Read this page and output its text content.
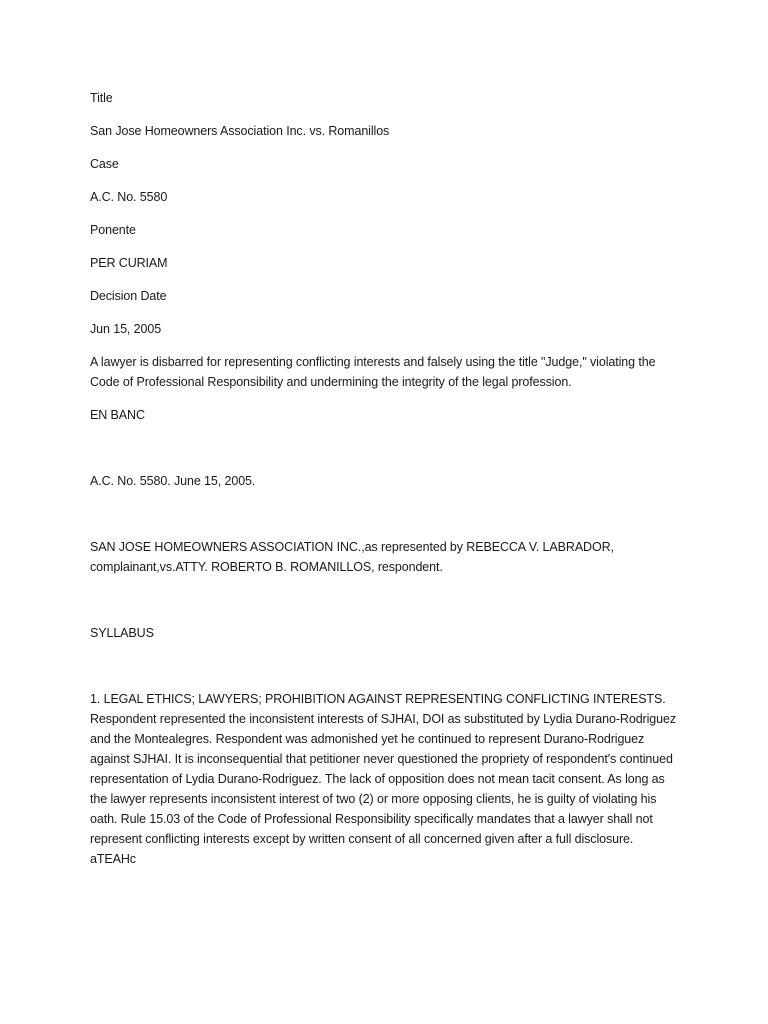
Title

San Jose Homeowners Association Inc. vs. Romanillos

Case

A.C. No. 5580

Ponente

PER CURIAM

Decision Date

Jun 15, 2005

A lawyer is disbarred for representing conflicting interests and falsely using the title "Judge," violating the Code of Professional Responsibility and undermining the integrity of the legal profession.

EN BANC

A.C. No. 5580. June 15, 2005.

SAN JOSE HOMEOWNERS ASSOCIATION INC.,as represented by REBECCA V. LABRADOR, complainant,vs.ATTY. ROBERTO B. ROMANILLOS, respondent.

SYLLABUS

1. LEGAL ETHICS; LAWYERS; PROHIBITION AGAINST REPRESENTING CONFLICTING INTERESTS. Respondent represented the inconsistent interests of SJHAI, DOI as substituted by Lydia Durano-Rodriguez and the Montealegres. Respondent was admonished yet he continued to represent Durano-Rodriguez against SJHAI. It is inconsequential that petitioner never questioned the propriety of respondent's continued representation of Lydia Durano-Rodriguez. The lack of opposition does not mean tacit consent. As long as the lawyer represents inconsistent interest of two (2) or more opposing clients, he is guilty of violating his oath. Rule 15.03 of the Code of Professional Responsibility specifically mandates that a lawyer shall not represent conflicting interests except by written consent of all concerned given after a full disclosure. aTEAHc
